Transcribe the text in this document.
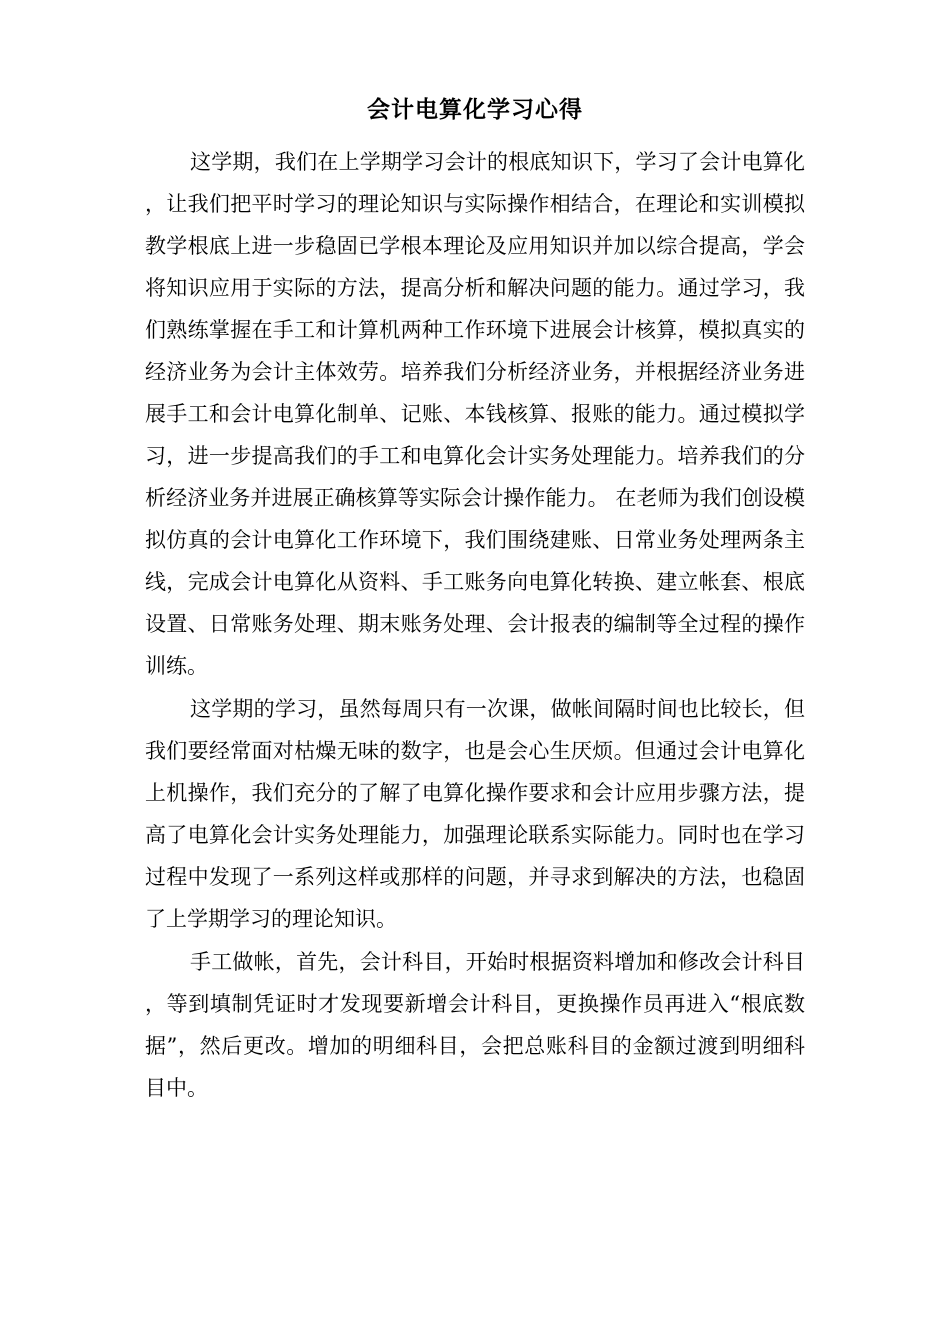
会计电算化学习心得

这学期，我们在上学期学习会计的根底知识下，学习了会计电算化，让我们把平时学习的理论知识与实际操作相结合，在理论和实训模拟教学根底上进一步稳固已学根本理论及应用知识并加以综合提高，学会将知识应用于实际的方法，提高分析和解决问题的能力。通过学习，我们熟练掌握在手工和计算机两种工作环境下进展会计核算，模拟真实的经济业务为会计主体效劳。培养我们分析经济业务，并根据经济业务进展手工和会计电算化制单、记账、本钱核算、报账的能力。通过模拟学习，进一步提高我们的手工和电算化会计实务处理能力。培养我们的分析经济业务并进展正确核算等实际会计操作能力。 在老师为我们创设模拟仿真的会计电算化工作环境下，我们围绕建账、日常业务处理两条主线，完成会计电算化从资料、手工账务向电算化转换、建立帐套、根底设置、日常账务处理、期末账务处理、会计报表的编制等全过程的操作训练。

这学期的学习，虽然每周只有一次课，做帐间隔时间也比较长，但我们要经常面对枯燥无味的数字，也是会心生厌烦。但通过会计电算化上机操作，我们充分的了解了电算化操作要求和会计应用步骤方法，提高了电算化会计实务处理能力，加强理论联系实际能力。同时也在学习过程中发现了一系列这样或那样的问题，并寻求到解决的方法，也稳固了上学期学习的理论知识。

手工做帐，首先，会计科目，开始时根据资料增加和修改会计科目，等到填制凭证时才发现要新增会计科目，更换操作员再进入“根底数据”，然后更改。增加的明细科目，会把总账科目的金额过渡到明细科目中。
